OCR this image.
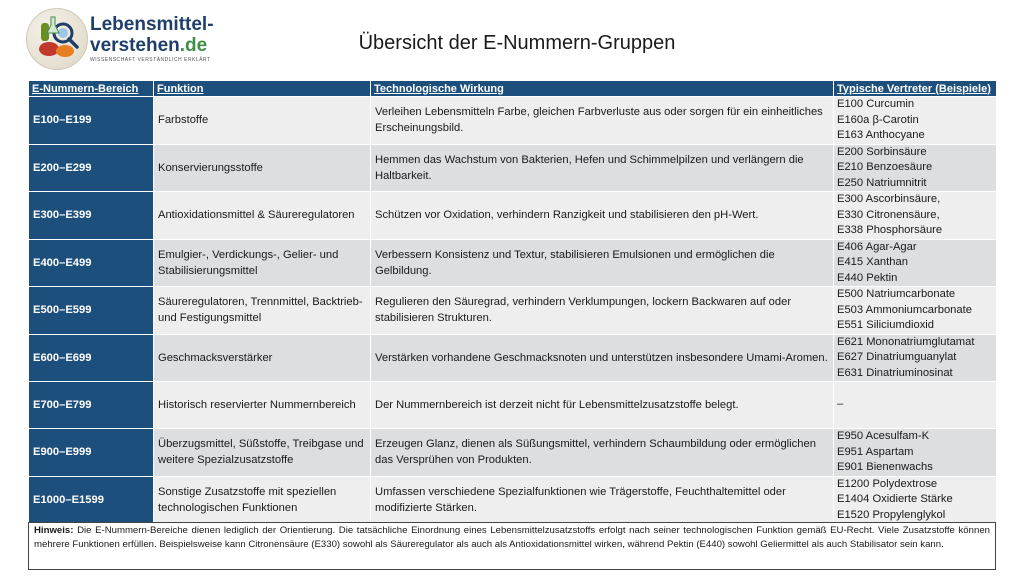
Lebensmittel-
verstehen.de
WISSENSCHAFT VERSTÄNDLICH ERKLÄRT
Übersicht der E-Nummern-Gruppen
E-Nummern-Bereich	Funktion	Technologische Wirkung	Typische Vertreter (Beispiele)
E100–E199	Farbstoffe	Verleihen Lebensmitteln Farbe, gleichen Farbverluste aus oder sorgen für ein einheitliches Erscheinungsbild.	E100 Curcumin
E160a β-Carotin
E163 Anthocyane

E200–E299	Konservierungsstoffe	Hemmen das Wachstum von Bakterien, Hefen und Schimmelpilzen und verlängern die Haltbarkeit.	E200 Sorbinsäure
E210 Benzoesäure
E250 Natriumnitrit

E300–E399	Antioxidationsmittel & Säureregulatoren	Schützen vor Oxidation, verhindern Ranzigkeit und stabilisieren den pH-Wert.	E300 Ascorbinsäure,
E330 Citronensäure,
E338 Phosphorsäure

E400–E499	Emulgier-, Verdickungs-, Gelier- und Stabilisierungsmittel	Verbessern Konsistenz und Textur, stabilisieren Emulsionen und ermöglichen die Gelbildung.	E406 Agar-Agar
E415 Xanthan
E440 Pektin

E500–E599	Säureregulatoren, Trennmittel, Backtrieb- und Festigungsmittel	Regulieren den Säuregrad, verhindern Verklumpungen, lockern Backwaren auf oder stabilisieren Strukturen.	E500 Natriumcarbonate
E503 Ammoniumcarbonate
E551 Siliciumdioxid

E600–E699	Geschmacksverstärker	Verstärken vorhandene Geschmacksnoten und unterstützen insbesondere Umami-Aromen.	E621 Mononatriumglutamat
E627 Dinatriumguanylat
E631 Dinatriuminosinat

E700–E799	Historisch reservierter Nummernbereich	Der Nummernbereich ist derzeit nicht für Lebensmittelzusatzstoffe belegt.	–

E900–E999	Überzugsmittel, Süßstoffe, Treibgase und weitere Spezialzusatzstoffe	Erzeugen Glanz, dienen als Süßungsmittel, verhindern Schaumbildung oder ermöglichen das Versprühen von Produkten.	E950 Acesulfam-K
E951 Aspartam
E901 Bienenwachs

E1000–E1599	Sonstige Zusatzstoffe mit speziellen technologischen Funktionen	Umfassen verschiedene Spezialfunktionen wie Trägerstoffe, Feuchthaltemittel oder modifizierte Stärken.	E1200 Polydextrose
E1404 Oxidierte Stärke
E1520 Propylenglykol
Hinweis: Die E-Nummern-Bereiche dienen lediglich der Orientierung. Die tatsächliche Einordnung eines Lebensmittelzusatzstoffs erfolgt nach seiner technologischen Funktion gemäß EU-Recht. Viele Zusatzstoffe können mehrere Funktionen erfüllen. Beispielsweise kann Citronensäure (E330) sowohl als Säureregulator als auch als Antioxidationsmittel wirken, während Pektin (E440) sowohl Geliermittel als auch Stabilisator sein kann.
